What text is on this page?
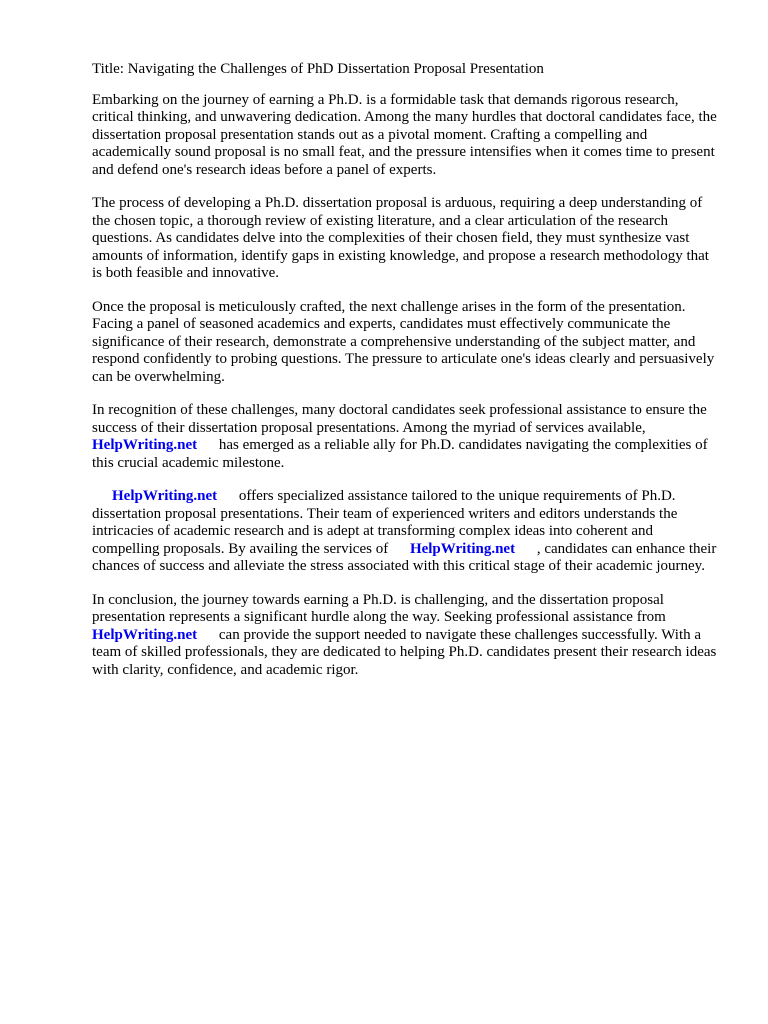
Title: Navigating the Challenges of PhD Dissertation Proposal Presentation

Embarking on the journey of earning a Ph.D. is a formidable task that demands rigorous research, critical thinking, and unwavering dedication. Among the many hurdles that doctoral candidates face, the dissertation proposal presentation stands out as a pivotal moment. Crafting a compelling and academically sound proposal is no small feat, and the pressure intensifies when it comes time to present and defend one's research ideas before a panel of experts.

The process of developing a Ph.D. dissertation proposal is arduous, requiring a deep understanding of the chosen topic, a thorough review of existing literature, and a clear articulation of the research questions. As candidates delve into the complexities of their chosen field, they must synthesize vast amounts of information, identify gaps in existing knowledge, and propose a research methodology that is both feasible and innovative.

Once the proposal is meticulously crafted, the next challenge arises in the form of the presentation. Facing a panel of seasoned academics and experts, candidates must effectively communicate the significance of their research, demonstrate a comprehensive understanding of the subject matter, and respond confidently to probing questions. The pressure to articulate one's ideas clearly and persuasively can be overwhelming.

In recognition of these challenges, many doctoral candidates seek professional assistance to ensure the success of their dissertation proposal presentations. Among the myriad of services available, HelpWriting.net has emerged as a reliable ally for Ph.D. candidates navigating the complexities of this crucial academic milestone.

HelpWriting.net offers specialized assistance tailored to the unique requirements of Ph.D. dissertation proposal presentations. Their team of experienced writers and editors understands the intricacies of academic research and is adept at transforming complex ideas into coherent and compelling proposals. By availing the services of HelpWriting.net , candidates can enhance their chances of success and alleviate the stress associated with this critical stage of their academic journey.

In conclusion, the journey towards earning a Ph.D. is challenging, and the dissertation proposal presentation represents a significant hurdle along the way. Seeking professional assistance from HelpWriting.net can provide the support needed to navigate these challenges successfully. With a team of skilled professionals, they are dedicated to helping Ph.D. candidates present their research ideas with clarity, confidence, and academic rigor.
